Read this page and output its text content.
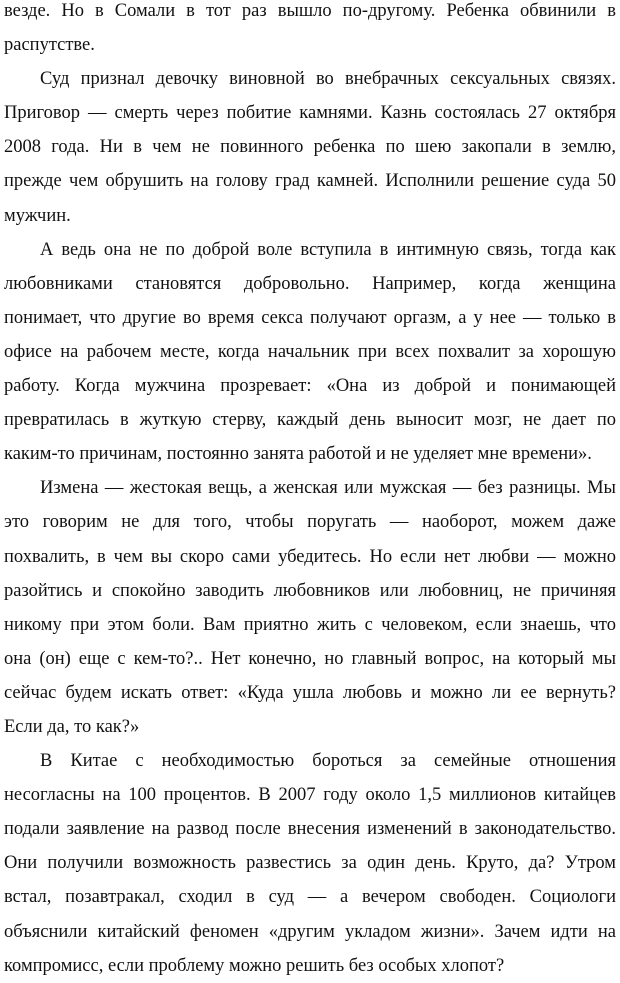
везде. Но в Сомали в тот раз вышло по-другому. Ребенка обвинили в
распутстве.
Суд признал девочку виновной во внебрачных сексуальных связях.
Приговор — смерть через побитие камнями. Казнь состоялась 27 октября
2008 года. Ни в чем не повинного ребенка по шею закопали в землю,
прежде чем обрушить на голову град камней. Исполнили решение суда 50
мужчин.
А ведь она не по доброй воле вступила в интимную связь, тогда как
любовниками становятся добровольно. Например, когда женщина
понимает, что другие во время секса получают оргазм, а у нее — только в
офисе на рабочем месте, когда начальник при всех похвалит за хорошую
работу. Когда мужчина прозревает: «Она из доброй и понимающей
превратилась в жуткую стерву, каждый день выносит мозг, не дает по
каким-то причинам, постоянно занята работой и не уделяет мне времени».
Измена — жестокая вещь, а женская или мужская — без разницы. Мы
это говорим не для того, чтобы поругать — наоборот, можем даже
похвалить, в чем вы скоро сами убедитесь. Но если нет любви — можно
разойтись и спокойно заводить любовников или любовниц, не причиняя
никому при этом боли. Вам приятно жить с человеком, если знаешь, что
она (он) еще с кем-то?.. Нет конечно, но главный вопрос, на который мы
сейчас будем искать ответ: «Куда ушла любовь и можно ли ее вернуть?
Если да, то как?»
В Китае с необходимостью бороться за семейные отношения
несогласны на 100 процентов. В 2007 году около 1,5 миллионов китайцев
подали заявление на развод после внесения изменений в законодательство.
Они получили возможность развестись за один день. Круто, да? Утром
встал, позавтракал, сходил в суд — а вечером свободен. Социологи
объяснили китайский феномен «другим укладом жизни». Зачем идти на
компромисс, если проблему можно решить без особых хлопот?
